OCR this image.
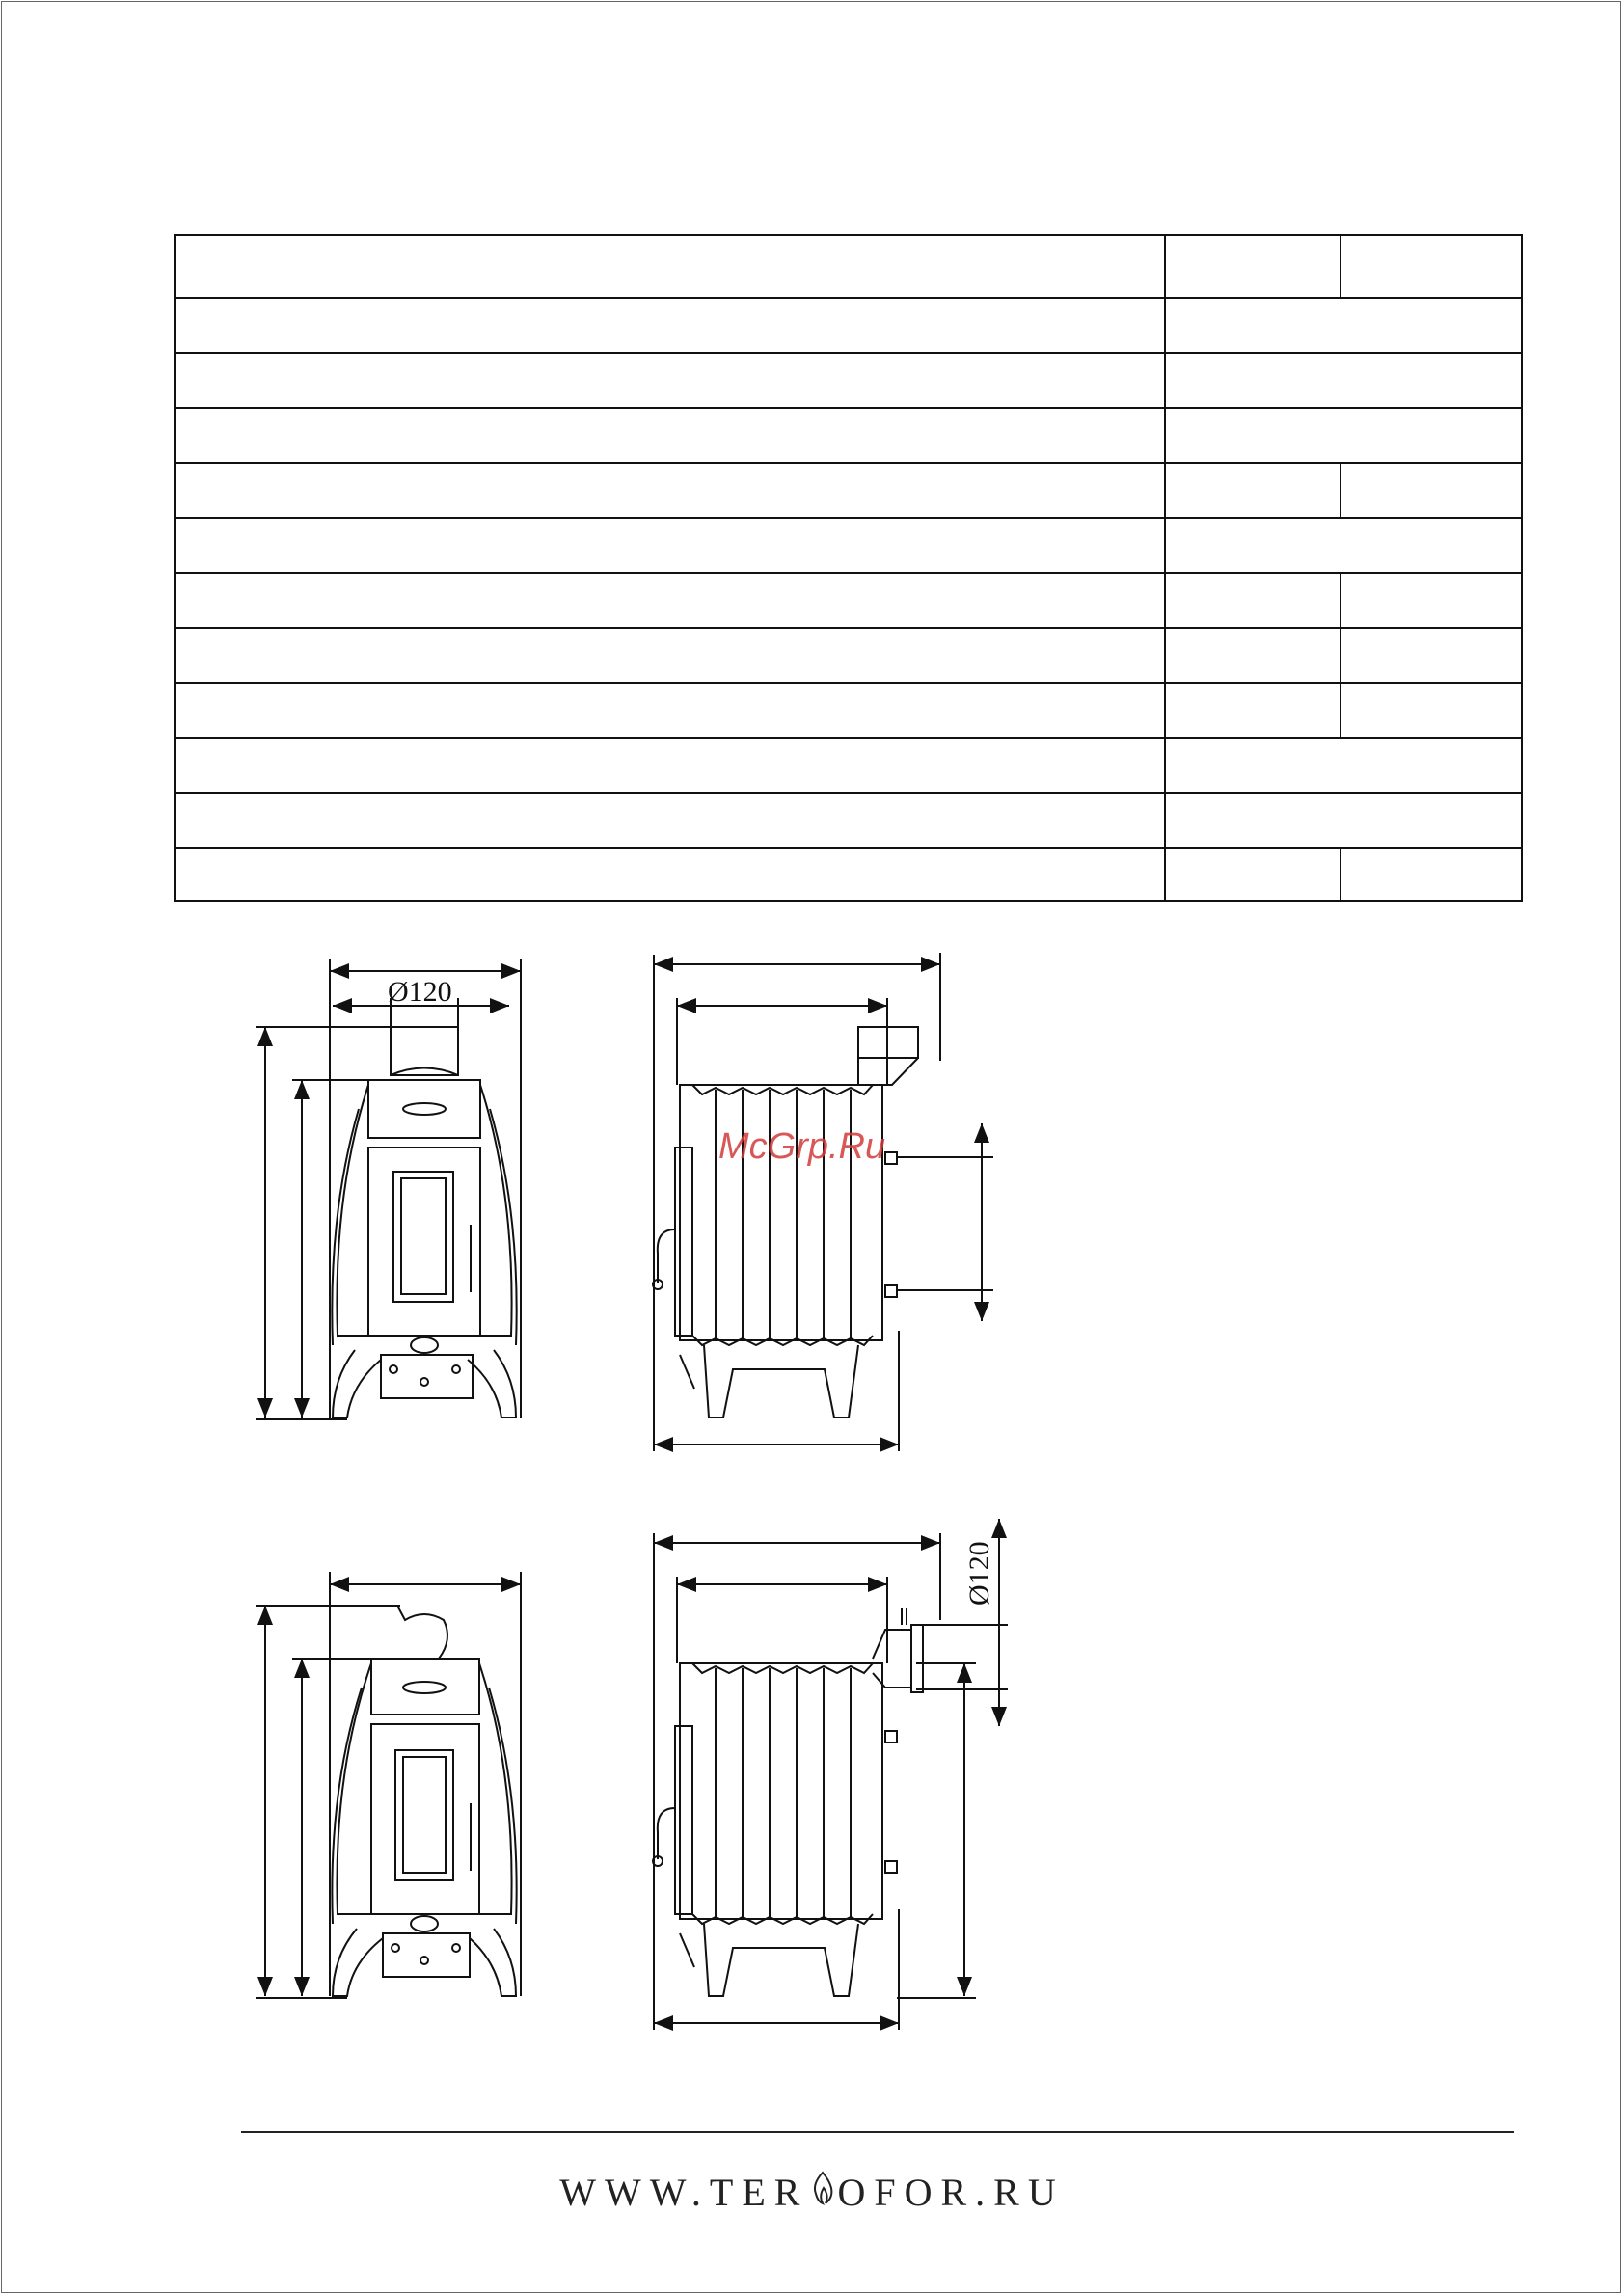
Ø120
Ø120
McGrp.Ru
WWW.TER OFOR.RU
